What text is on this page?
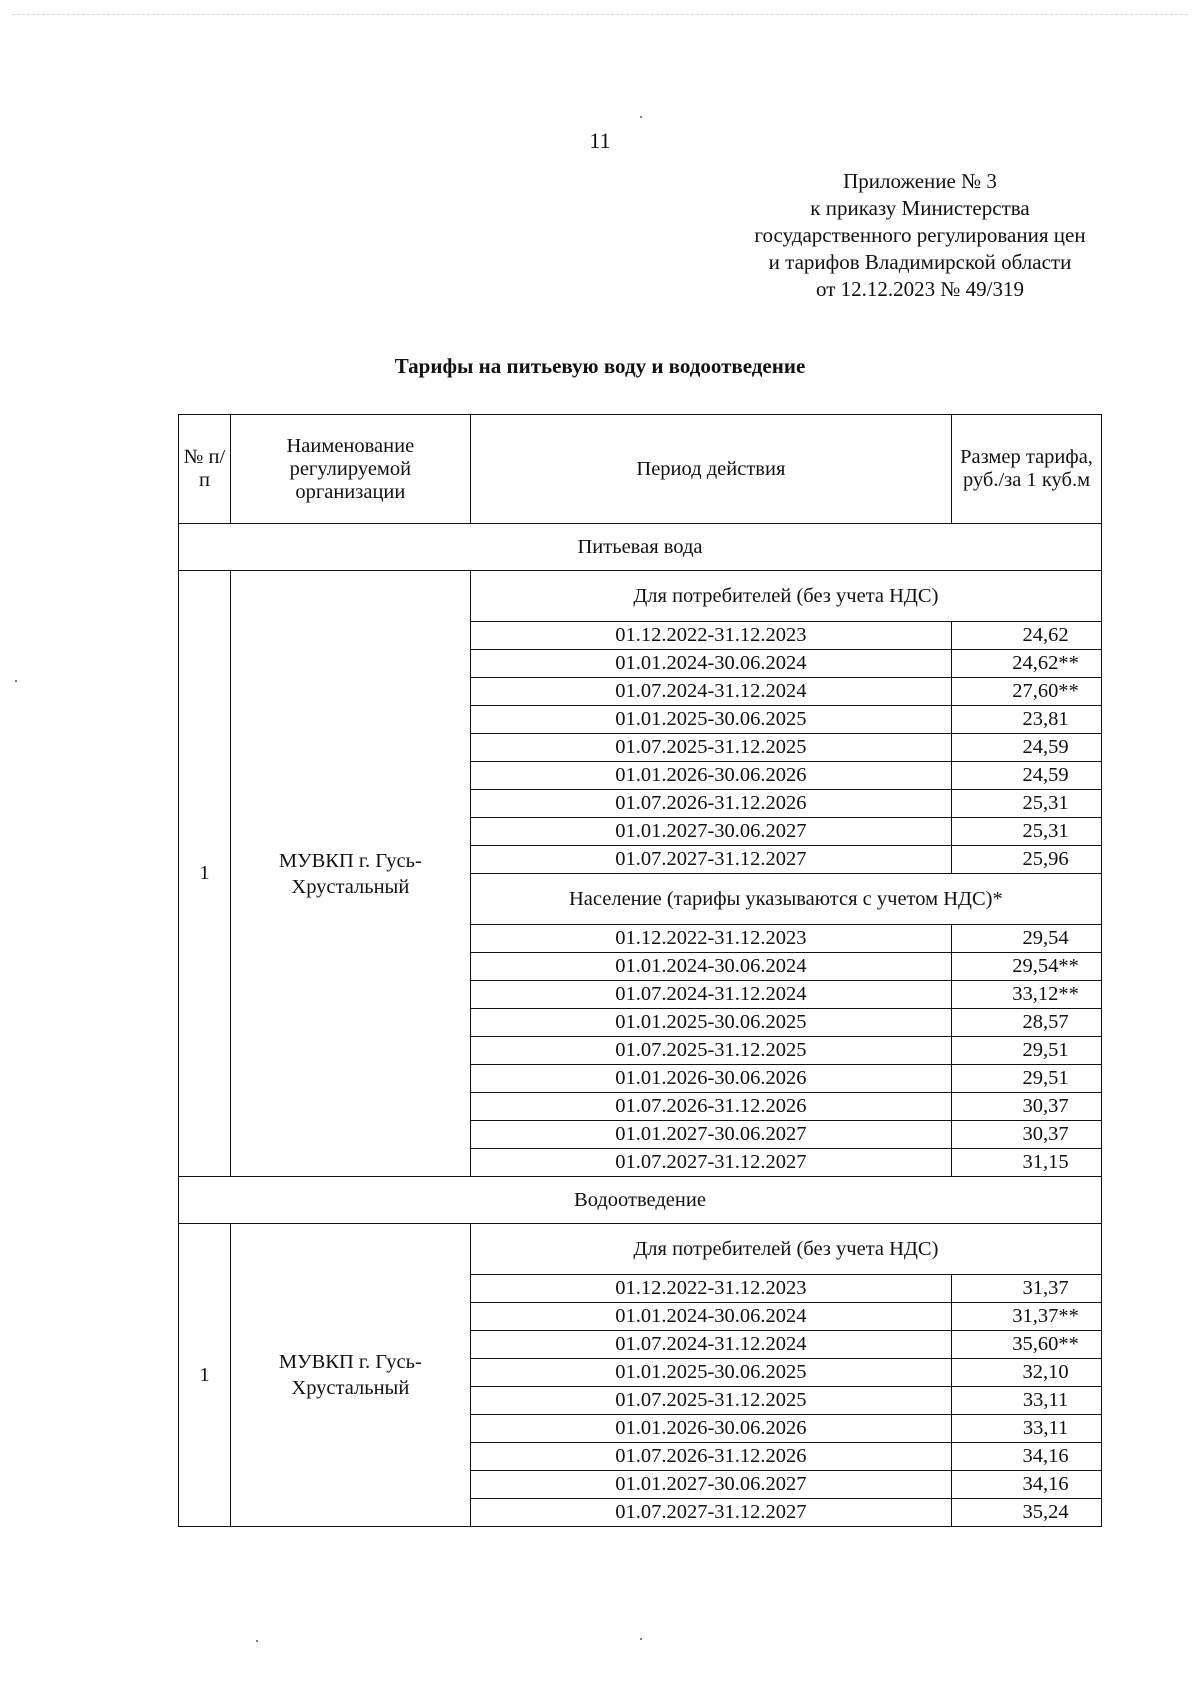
11
Приложение № 3
к приказу Министерства
государственного регулирования цен
и тарифов Владимирской области
от 12.12.2023 № 49/319
Тарифы на питьевую воду и водоотведение
№ п/п	Наименование регулируемой организации	Период действия	Размер тарифа, руб./за 1 куб.м
Питьевая вода			
1	МУВКП г. Гусь-Хрустальный	Для потребителей (без учета НДС)	
		01.12.2022-31.12.2023	24,62
		01.01.2024-30.06.2024	24,62**
		01.07.2024-31.12.2024	27,60**
		01.01.2025-30.06.2025	23,81
		01.07.2025-31.12.2025	24,59
		01.01.2026-30.06.2026	24,59
		01.07.2026-31.12.2026	25,31
		01.01.2027-30.06.2027	25,31
		01.07.2027-31.12.2027	25,96
		Население (тарифы указываются с учетом НДС)*	
		01.12.2022-31.12.2023	29,54
		01.01.2024-30.06.2024	29,54**
		01.07.2024-31.12.2024	33,12**
		01.01.2025-30.06.2025	28,57
		01.07.2025-31.12.2025	29,51
		01.01.2026-30.06.2026	29,51
		01.07.2026-31.12.2026	30,37
		01.01.2027-30.06.2027	30,37
		01.07.2027-31.12.2027	31,15
Водоотведение			
1	МУВКП г. Гусь-Хрустальный	Для потребителей (без учета НДС)	
		01.12.2022-31.12.2023	31,37
		01.01.2024-30.06.2024	31,37**
		01.07.2024-31.12.2024	35,60**
		01.01.2025-30.06.2025	32,10
		01.07.2025-31.12.2025	33,11
		01.01.2026-30.06.2026	33,11
		01.07.2026-31.12.2026	34,16
		01.01.2027-30.06.2027	34,16
		01.07.2027-31.12.2027	35,24
